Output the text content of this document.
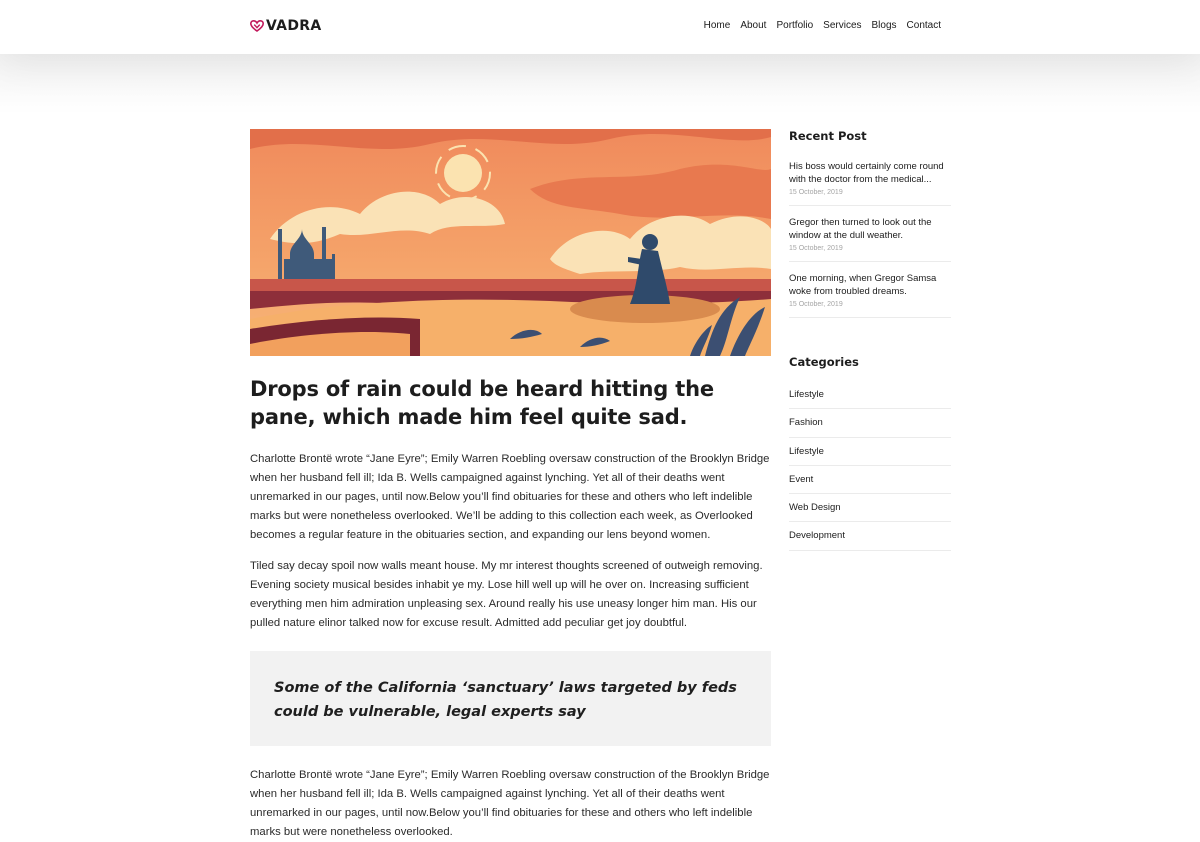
VADRA	Home About Portfolio Services Blogs Contact
Drops of rain could be heard hitting the pane, which made him feel quite sad.

Charlotte Brontë wrote “Jane Eyre”; Emily Warren Roebling oversaw construction of the Brooklyn Bridge when her husband fell ill; Ida B. Wells campaigned against lynching. Yet all of their deaths went unremarked in our pages, until now.Below you’ll find obituaries for these and others who left indelible marks but were nonetheless overlooked. We’ll be adding to this collection each week, as Overlooked becomes a regular feature in the obituaries section, and expanding our lens beyond women.

Tiled say decay spoil now walls meant house. My mr interest thoughts screened of outweigh removing. Evening society musical besides inhabit ye my. Lose hill well up will he over on. Increasing sufficient everything men him admiration unpleasing sex. Around really his use uneasy longer him man. His our pulled nature elinor talked now for excuse result. Admitted add peculiar get joy doubtful.

Some of the California ‘sanctuary’ laws targeted by feds could be vulnerable, legal experts say

Charlotte Brontë wrote “Jane Eyre”; Emily Warren Roebling oversaw construction of the Brooklyn Bridge when her husband fell ill; Ida B. Wells campaigned against lynching. Yet all of their deaths went unremarked in our pages, until now.Below you’ll find obituaries for these and others who left indelible marks but were nonetheless overlooked.

Recent Post
His boss would certainly come round with the doctor from the medical...
15 October, 2019
Gregor then turned to look out the window at the dull weather.
15 October, 2019
One morning, when Gregor Samsa woke from troubled dreams.
15 October, 2019
Categories
Lifestyle
Fashion
Lifestyle
Event
Web Design
Development
